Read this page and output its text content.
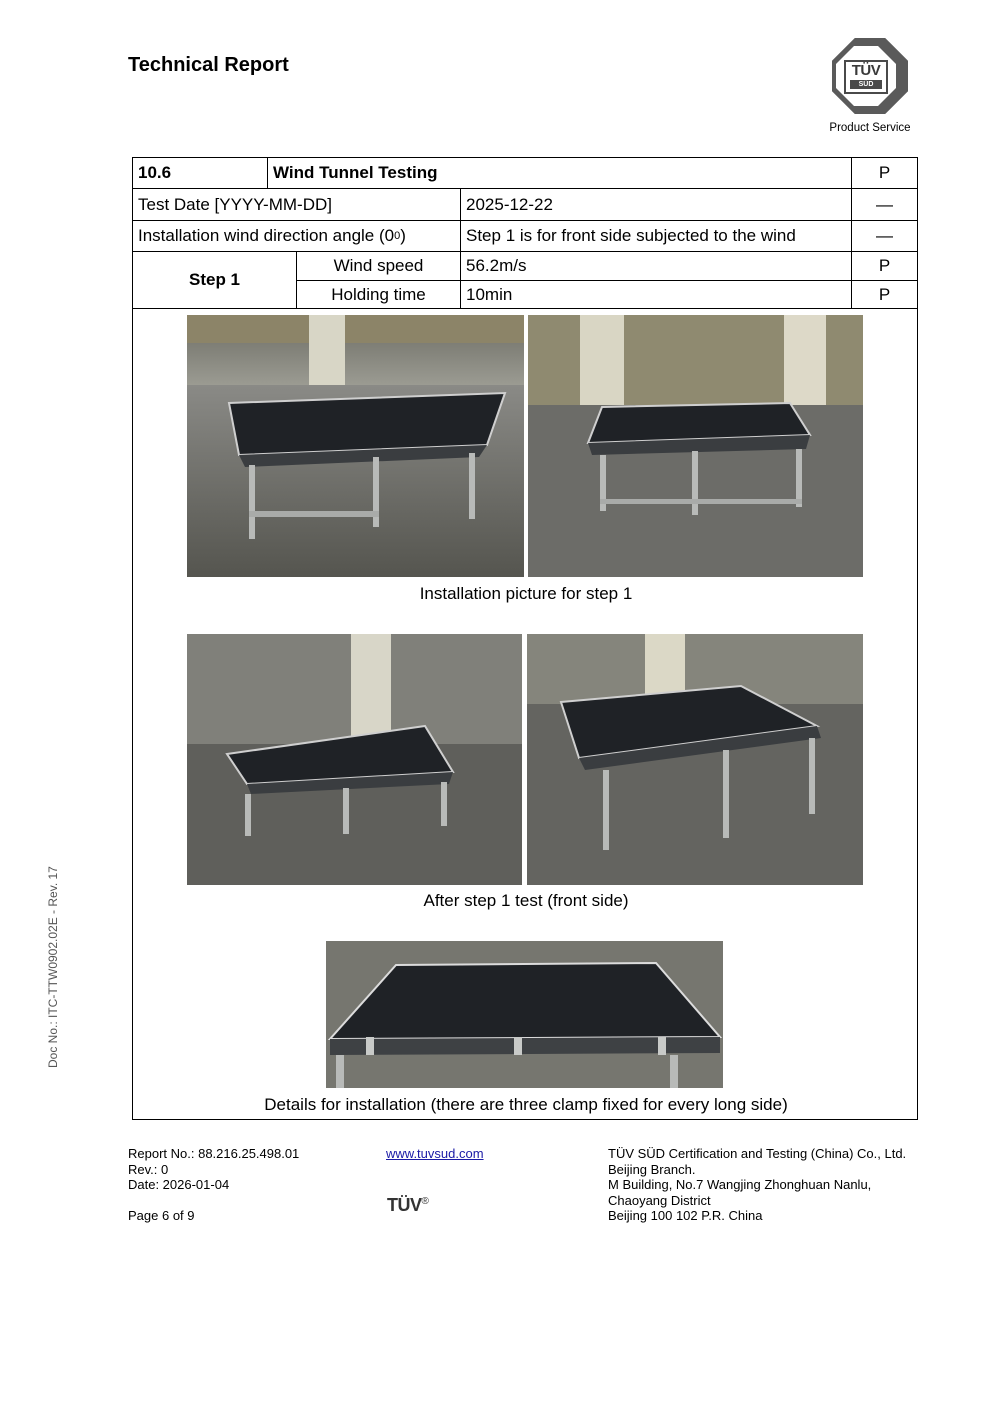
Technical Report	TÜV
SÜD
Product Service
10.6	Wind Tunnel Testing	P
Test Date [YYYY-MM-DD]	2025-12-22	—
Installation wind direction angle (0 0 )	Step 1 is for front side subjected to the wind	—
Step 1
Wind speed	56.2m/s	P
Holding time	10min	P
Installation picture for step 1
After step 1 test (front side)
Details for installation (there are three clamp fixed for every long side)
Report No.: 88.216.25.498.01
Rev.: 0
Date: 2026-01-04
Page 6 of 9
www.tuvsud.com
TÜV®
TÜV SÜD Certification and Testing (China) Co., Ltd.
Beijing Branch.
M Building, No.7 Wangjing Zhonghuan Nanlu,
Chaoyang District
Beijing 100 102 P.R. China
Doc No.: ITC-TTW0902.02E - Rev. 17
